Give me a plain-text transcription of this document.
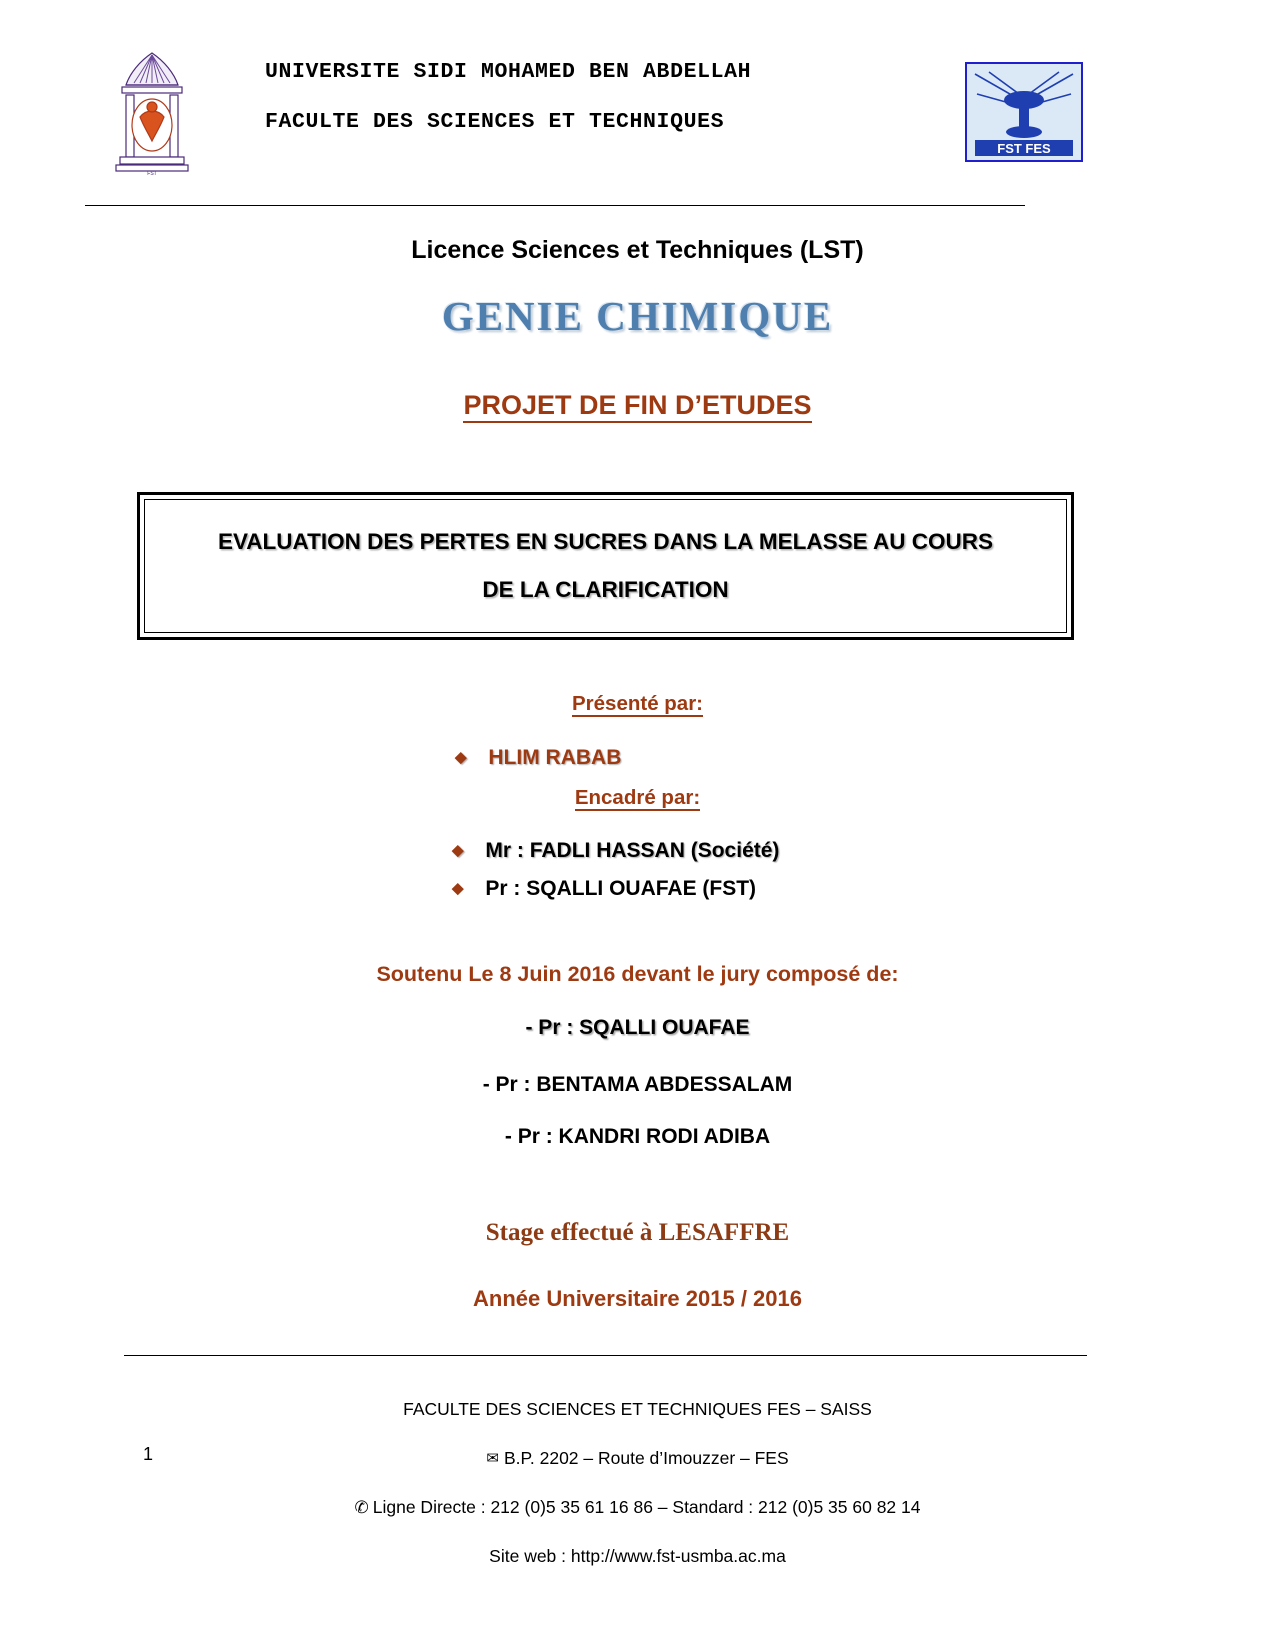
FST
UNIVERSITE SIDI MOHAMED BEN ABDELLAH
FACULTE DES SCIENCES ET TECHNIQUES
FST FES
Licence Sciences et Techniques (LST)
GENIE CHIMIQUE
PROJET DE FIN D’ETUDES
EVALUATION DES PERTES EN SUCRES DANS LA MELASSE AU COURS
DE LA CLARIFICATION
Présenté par:
◆ HLIM RABAB
Encadré par:
◆ Mr : FADLI HASSAN (Société)
◆ Pr : SQALLI OUAFAE (FST)
Soutenu Le 8 Juin 2016 devant le jury composé de:
- Pr : SQALLI OUAFAE
- Pr : BENTAMA ABDESSALAM
- Pr : KANDRI RODI ADIBA
Stage effectué à LESAFFRE
Année Universitaire 2015 / 2016
1
FACULTE DES SCIENCES ET TECHNIQUES FES – SAISS
✉ B.P. 2202 – Route d’Imouzzer – FES
✆ Ligne Directe : 212 (0)5 35 61 16 86 – Standard : 212 (0)5 35 60 82 14
Site web : http://www.fst-usmba.ac.ma
